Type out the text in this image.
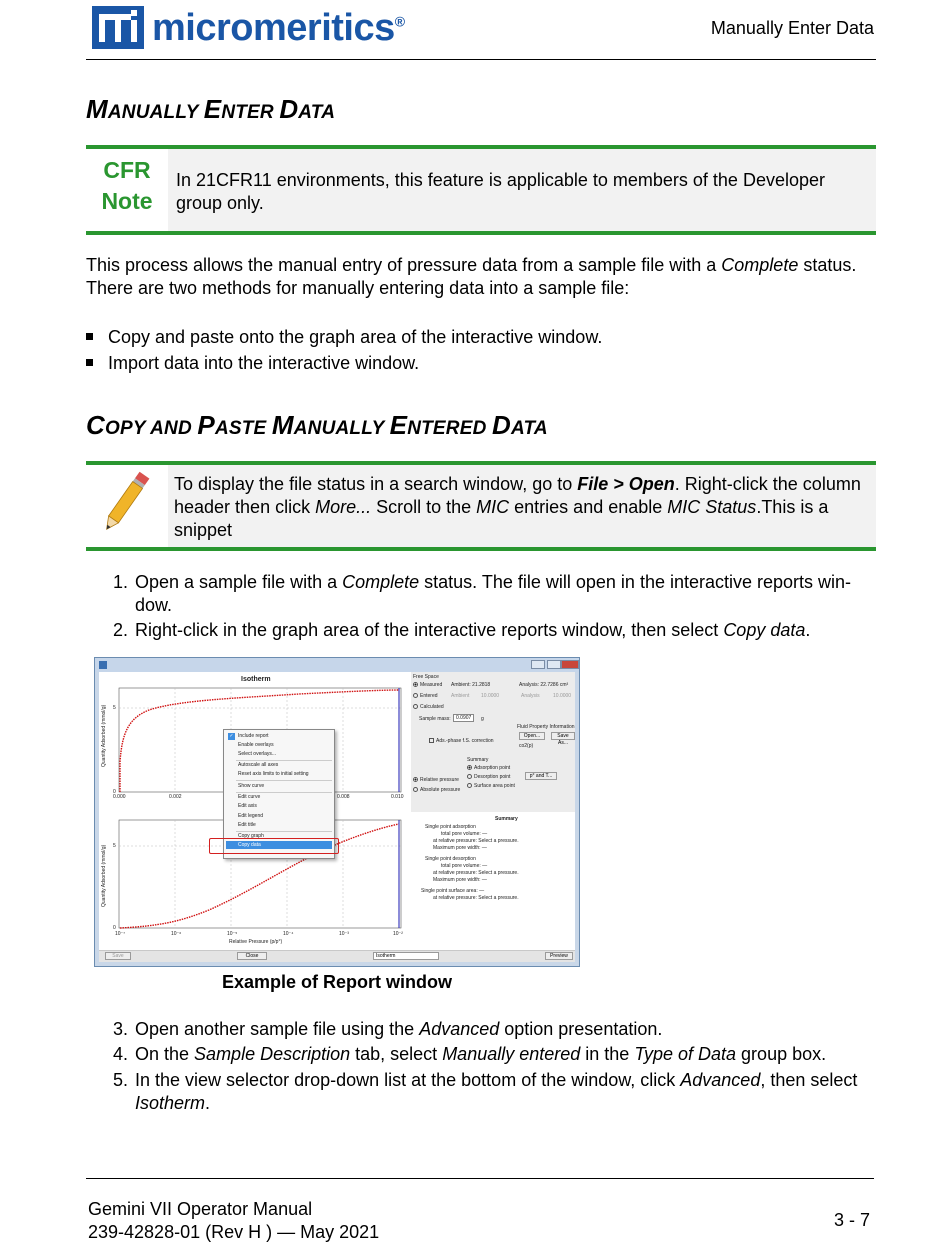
micromeritics®	Manually Enter Data
MANUALLY ENTER DATA
CFR
Note
In 21CFR11 environments, this feature is applicable to members of the Developer group only.
This process allows the manual entry of pressure data from a sample file with a Complete status.
There are two methods for manually entering data into a sample file:
Copy and paste onto the graph area of the interactive window.
Import data into the interactive window.
COPY AND PASTE MANUALLY ENTERED DATA
To display the file status in a search window, go to File > Open. Right-click the column header then click More... Scroll to the MIC entries and enable MIC Status.This is a snippet
1. Open a sample file with a Complete status. The file will open in the interactive reports win-dow.
2. Right-click in the graph area of the interactive reports window, then select Copy data.
Isotherm
Quantity Adsorbed (mmol/g) 5
0
0.000	0.002	0.008	0.010
Quantity Adsorbed (mmol/g) 5
0
10⁻⁷	10⁻⁶	10⁻⁵	10⁻⁴	10⁻³	10⁻²
Relative Pressure (p/p°)
✓ Include report
Enable overlays
Select overlays...
Autoscale all axes
Reset axis limits to initial setting
Show curve
Edit curve
Edit axis
Edit legend
Edit title
Copy graph
Copy data
Free Space
Measured Ambient: 21.2818	Analysis: 22.7286 cm³
Entered	Ambient 10.0000	Analysis	10.0000
Calculated
Sample mass:	0.0907	g
Fluid Property Information
Open...	Save As...
Ads.-phase f.S. correction
co2(p)
Summary
Relative pressure
Absolute pressure
Adsorption point
Desorption point
Surface area point
p° and T...
Summary
Single point adsorption
total pore volume: —
at relative pressure: Select a pressure.
Maximum pore width: —
Single point desorption
total pore volume: —
at relative pressure: Select a pressure.
Maximum pore width: —
Single point surface area: —
at relative pressure: Select a pressure.
Save	Close	Isotherm	Preview
Example of Report window
3. Open another sample file using the Advanced option presentation.
4. On the Sample Description tab, select Manually entered in the Type of Data group box.
5. In the view selector drop-down list at the bottom of the window, click Advanced, then select Isotherm.
Gemini VII Operator Manual
239-42828-01 (Rev H ) — May 2021
3 - 7
